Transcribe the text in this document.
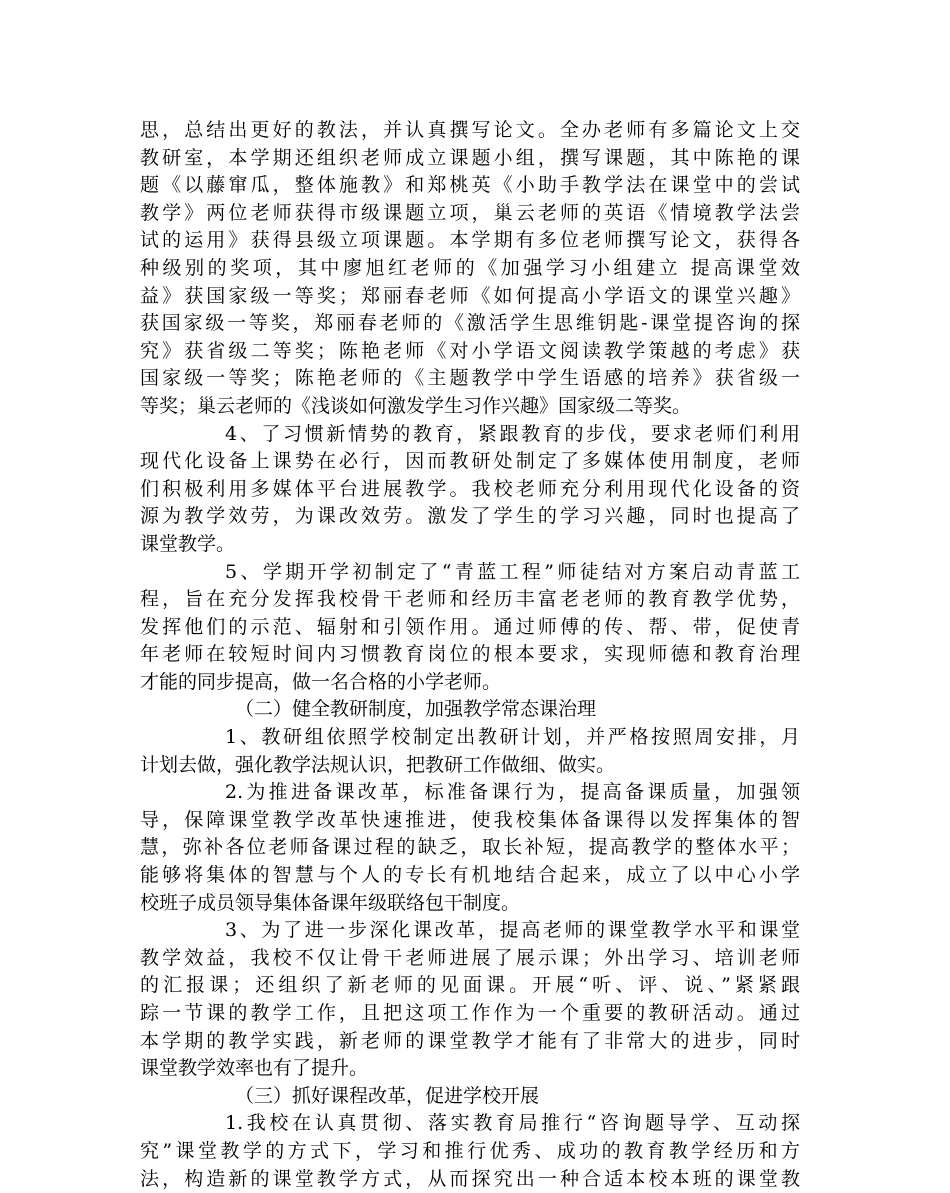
思，总结出更好的教法，并认真撰写论文。全办老师有多篇论文上交
教研室，本学期还组织老师成立课题小组，撰写课题，其中陈艳的课
题《以藤窜瓜，整体施教》和郑桃英《小助手教学法在课堂中的尝试
教学》两位老师获得市级课题立项，巢云老师的英语《情境教学法尝
试的运用》获得县级立项课题。本学期有多位老师撰写论文，获得各
种级别的奖项，其中廖旭红老师的《加强学习小组建立 提高课堂效
益》获国家级一等奖；郑丽春老师《如何提高小学语文的课堂兴趣》
获国家级一等奖，郑丽春老师的《激活学生思维钥匙-课堂提咨询的探
究》获省级二等奖；陈艳老师《对小学语文阅读教学策越的考虑》获
国家级一等奖；陈艳老师的《主题教学中学生语感的培养》获省级一
等奖；巢云老师的《浅谈如何激发学生习作兴趣》国家级二等奖。
4、了习惯新情势的教育，紧跟教育的步伐，要求老师们利用
现代化设备上课势在必行，因而教研处制定了多媒体使用制度，老师
们积极利用多媒体平台进展教学。我校老师充分利用现代化设备的资
源为教学效劳，为课改效劳。激发了学生的学习兴趣，同时也提高了
课堂教学。
5、学期开学初制定了“青蓝工程”师徒结对方案启动青蓝工
程，旨在充分发挥我校骨干老师和经历丰富老老师的教育教学优势，
发挥他们的示范、辐射和引领作用。通过师傅的传、帮、带，促使青
年老师在较短时间内习惯教育岗位的根本要求，实现师德和教育治理
才能的同步提高，做一名合格的小学老师。
（二）健全教研制度，加强教学常态课治理
1、教研组依照学校制定出教研计划，并严格按照周安排，月
计划去做，强化教学法规认识，把教研工作做细、做实。
2.为推进备课改革，标准备课行为，提高备课质量，加强领
导，保障课堂教学改革快速推进，使我校集体备课得以发挥集体的智
慧，弥补各位老师备课过程的缺乏，取长补短，提高教学的整体水平；
能够将集体的智慧与个人的专长有机地结合起来，成立了以中心小学
校班子成员领导集体备课年级联络包干制度。
3、为了进一步深化课改革，提高老师的课堂教学水平和课堂
教学效益，我校不仅让骨干老师进展了展示课；外出学习、培训老师
的汇报课；还组织了新老师的见面课。开展“听、评、说、”紧紧跟
踪一节课的教学工作，且把这项工作作为一个重要的教研活动。通过
本学期的教学实践，新老师的课堂教学才能有了非常大的进步，同时
课堂教学效率也有了提升。
（三）抓好课程改革，促进学校开展
1.我校在认真贯彻、落实教育局推行“咨询题导学、互动探
究”课堂教学的方式下，学习和推行优秀、成功的教育教学经历和方
法，构造新的课堂教学方式，从而探究出一种合适本校本班的课堂教
